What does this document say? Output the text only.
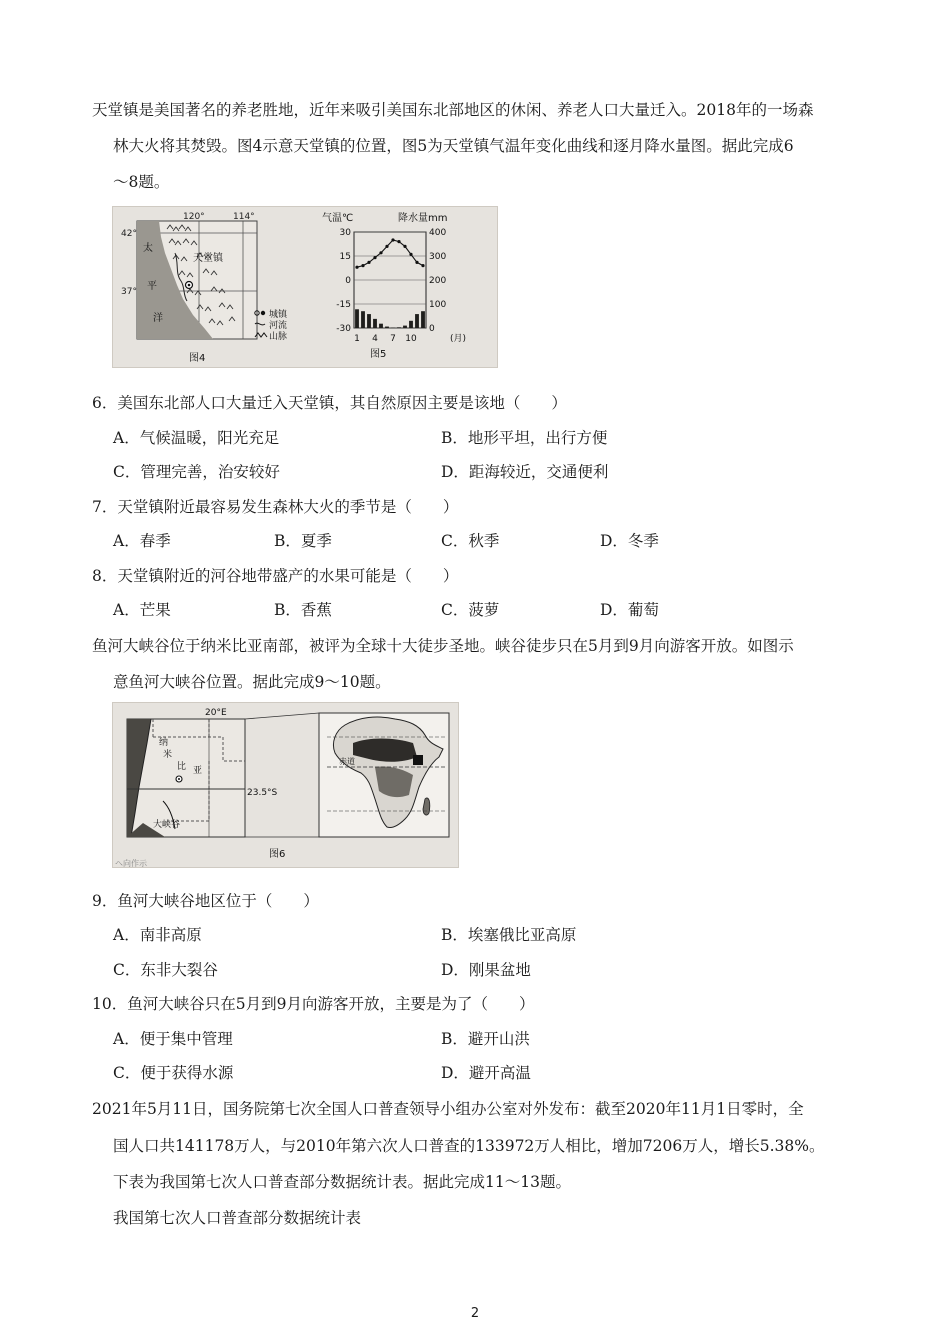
天堂镇是美国著名的养老胜地，近年来吸引美国东北部地区的休闲、养老人口大量迁入。2018年的一场森
林大火将其焚毁。图4示意天堂镇的位置，图5为天堂镇气温年变化曲线和逐月降水量图。据此完成6
～8题。
天堂镇
120°	114°
42°
37°
太
平
洋	城镇
河流
山脉
图4
气温℃	降水量mm
30
15
0
-15
-30
400
300
200
100
0
1 4 7 10	(月)
图5
6．美国东北部人口大量迁入天堂镇，其自然原因主要是该地（　　）
A．气候温暖，阳光充足	B．地形平坦，出行方便
C．管理完善，治安较好	D．距海较近，交通便利
7．天堂镇附近最容易发生森林大火的季节是（　　）
A．春季	B．夏季	C．秋季	D．冬季
8．天堂镇附近的河谷地带盛产的水果可能是（　　）
A．芒果	B．香蕉	C．菠萝	D．葡萄
鱼河大峡谷位于纳米比亚南部，被评为全球十大徒步圣地。峡谷徒步只在5月到9月向游客开放。如图示
意鱼河大峡谷位置。据此完成9～10题。
20°E
23.5°S
纳
米
比 亚
大峡谷
赤道
图6
ヘ向作示
9．鱼河大峡谷地区位于（　　）
A．南非高原	B．埃塞俄比亚高原
C．东非大裂谷	D．刚果盆地
10．鱼河大峡谷只在5月到9月向游客开放，主要是为了（　　）
A．便于集中管理	B．避开山洪
C．便于获得水源	D．避开高温
2021年5月11日，国务院第七次全国人口普查领导小组办公室对外发布：截至2020年11月1日零时，全
国人口共141178万人，与2010年第六次人口普查的133972万人相比，增加7206万人，增长5.38%。
下表为我国第七次人口普查部分数据统计表。据此完成11～13题。
我国第七次人口普查部分数据统计表
2
